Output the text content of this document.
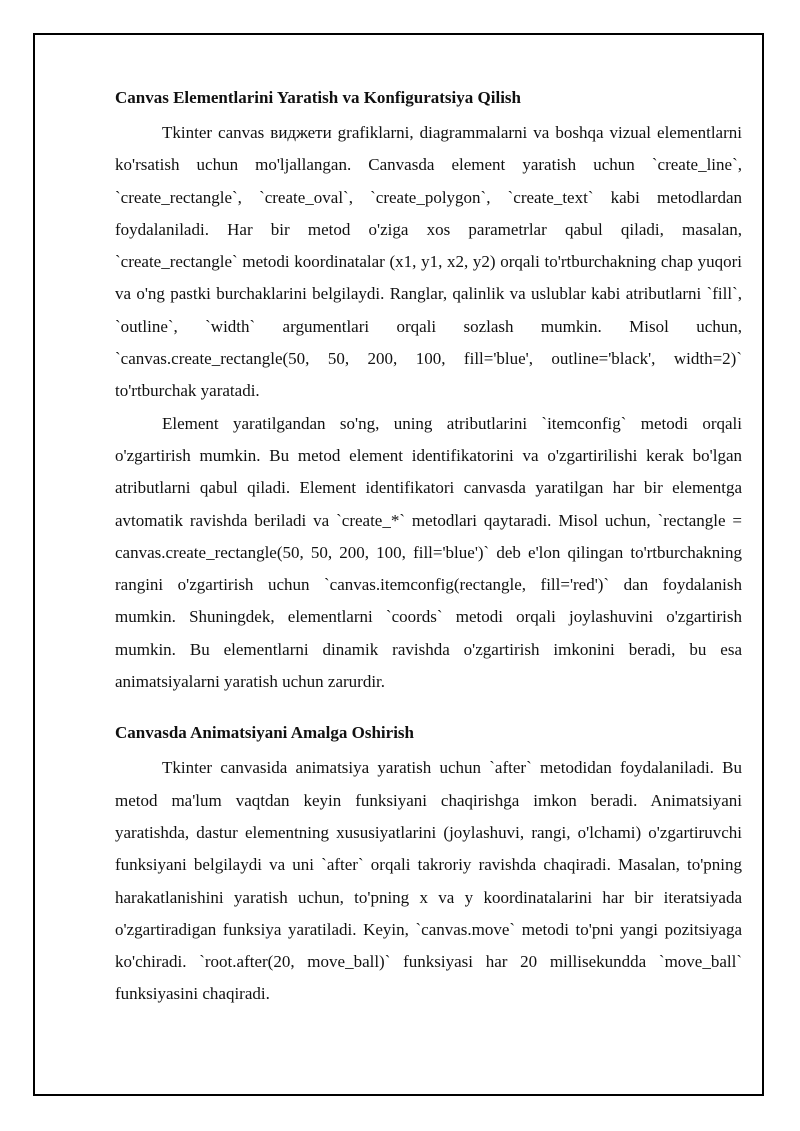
Canvas Elementlarini Yaratish va Konfiguratsiya Qilish

Tkinter canvas виджети grafiklarni, diagrammalarni va boshqa vizual elementlarni ko'rsatish uchun mo'ljallangan. Canvasda element yaratish uchun `create_line`, `create_rectangle`, `create_oval`, `create_polygon`, `create_text` kabi metodlardan foydalaniladi. Har bir metod o'ziga xos parametrlar qabul qiladi, masalan, `create_rectangle` metodi koordinatalar (x1, y1, x2, y2) orqali to'rtburchakning chap yuqori va o'ng pastki burchaklarini belgilaydi. Ranglar, qalinlik va uslublar kabi atributlarni `fill`, `outline`, `width` argumentlari orqali sozlash mumkin. Misol uchun, `canvas.create_rectangle(50, 50, 200, 100, fill='blue', outline='black', width=2)` to'rtburchak yaratadi.

Element yaratilgandan so'ng, uning atributlarini `itemconfig` metodi orqali o'zgartirish mumkin. Bu metod element identifikatorini va o'zgartirilishi kerak bo'lgan atributlarni qabul qiladi. Element identifikatori canvasda yaratilgan har bir elementga avtomatik ravishda beriladi va `create_*` metodlari qaytaradi. Misol uchun, `rectangle = canvas.create_rectangle(50, 50, 200, 100, fill='blue')` deb e'lon qilingan to'rtburchakning rangini o'zgartirish uchun `canvas.itemconfig(rectangle, fill='red')` dan foydalanish mumkin. Shuningdek, elementlarni `coords` metodi orqali joylashuvini o'zgartirish mumkin. Bu elementlarni dinamik ravishda o'zgartirish imkonini beradi, bu esa animatsiyalarni yaratish uchun zarurdir.

Canvasda Animatsiyani Amalga Oshirish

Tkinter canvasida animatsiya yaratish uchun `after` metodidan foydalaniladi. Bu metod ma'lum vaqtdan keyin funksiyani chaqirishga imkon beradi. Animatsiyani yaratishda, dastur elementning xususiyatlarini (joylashuvi, rangi, o'lchami) o'zgartiruvchi funksiyani belgilaydi va uni `after` orqali takroriy ravishda chaqiradi. Masalan, to'pning harakatlanishini yaratish uchun, to'pning x va y koordinatalarini har bir iteratsiyada o'zgartiradigan funksiya yaratiladi. Keyin, `canvas.move` metodi to'pni yangi pozitsiyaga ko'chiradi. `root.after(20, move_ball)` funksiyasi har 20 millisekundda `move_ball` funksiyasini chaqiradi.
